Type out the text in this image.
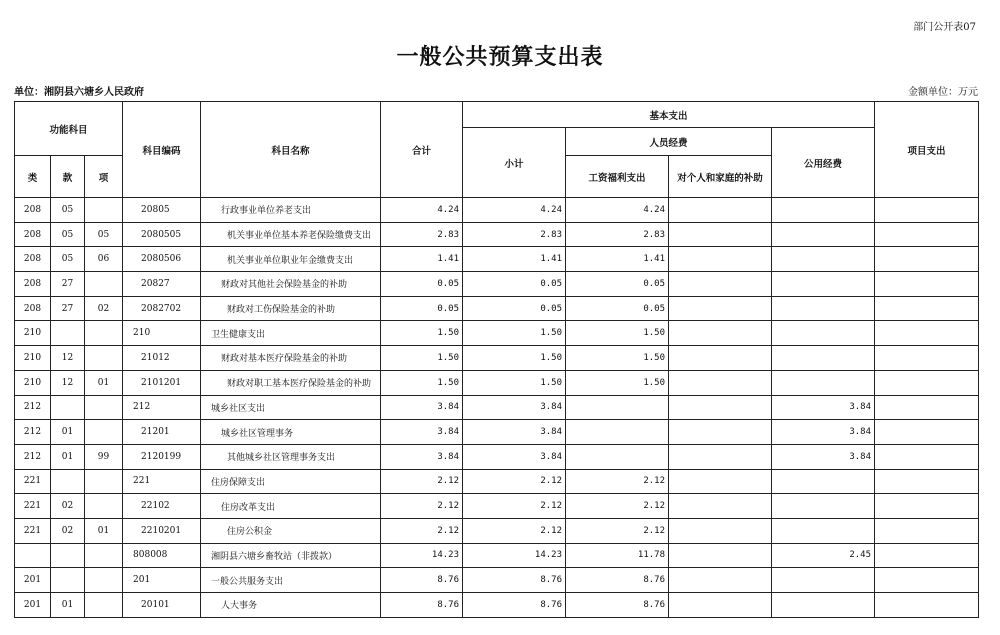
部门公开表07
一般公共预算支出表
单位：湘阴县六塘乡人民政府	金额单位：万元
功能科目			科目编码	科目名称	合计	基本支出				项目支出
						小计	人员经费		公用经费	
类	款	项					工资福利支出	对个人和家庭的补助		
208	05		20805	行政事业单位养老支出	4.24	4.24	4.24			
208	05	05	2080505	机关事业单位基本养老保险缴费支出	2.83	2.83	2.83			
208	05	06	2080506	机关事业单位职业年金缴费支出	1.41	1.41	1.41			
208	27		20827	财政对其他社会保险基金的补助	0.05	0.05	0.05			
208	27	02	2082702	财政对工伤保险基金的补助	0.05	0.05	0.05			
210			210	卫生健康支出	1.50	1.50	1.50			
210	12		21012	财政对基本医疗保险基金的补助	1.50	1.50	1.50			
210	12	01	2101201	财政对职工基本医疗保险基金的补助	1.50	1.50	1.50			
212			212	城乡社区支出	3.84	3.84			3.84	
212	01		21201	城乡社区管理事务	3.84	3.84			3.84	
212	01	99	2120199	其他城乡社区管理事务支出	3.84	3.84			3.84	
221			221	住房保障支出	2.12	2.12	2.12			
221	02		22102	住房改革支出	2.12	2.12	2.12			
221	02	01	2210201	住房公积金	2.12	2.12	2.12			
			808008	湘阴县六塘乡畜牧站（非拨款）	14.23	14.23	11.78		2.45	
201			201	一般公共服务支出	8.76	8.76	8.76			
201	01		20101	人大事务	8.76	8.76	8.76			
